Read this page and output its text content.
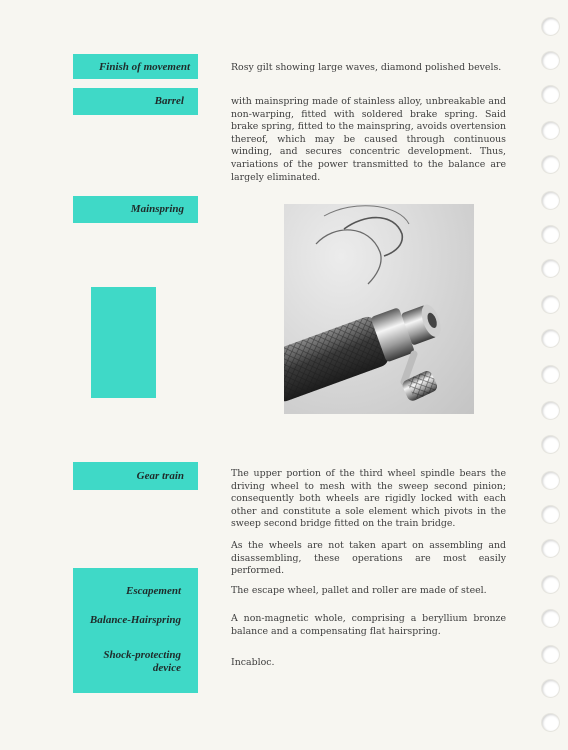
Finish of movement
Barrel
Mainspring
Gear train
Escapement
Balance-Hairspring
Shock-protecting
device
Rosy gilt showing large waves, diamond polished bevels.
with mainspring made of stainless alloy, unbreakable and non-warping, fitted with soldered brake spring. Said brake spring, fitted to the mainspring, avoids overtension thereof, which may be caused through continuous winding, and secures concentric development. Thus, variations of the power transmitted to the balance are largely eliminated.

The upper portion of the third wheel spindle bears the driving wheel to mesh with the sweep second pinion; consequently both wheels are rigidly locked with each other and constitute a sole element which pivots in the sweep second bridge fitted on the train bridge.

As the wheels are not taken apart on assembling and disassembling, these operations are most easily performed.

The escape wheel, pallet and roller are made of steel.
A non-magnetic whole, comprising a beryllium bronze balance and a compensating flat hairspring.
Incabloc.
